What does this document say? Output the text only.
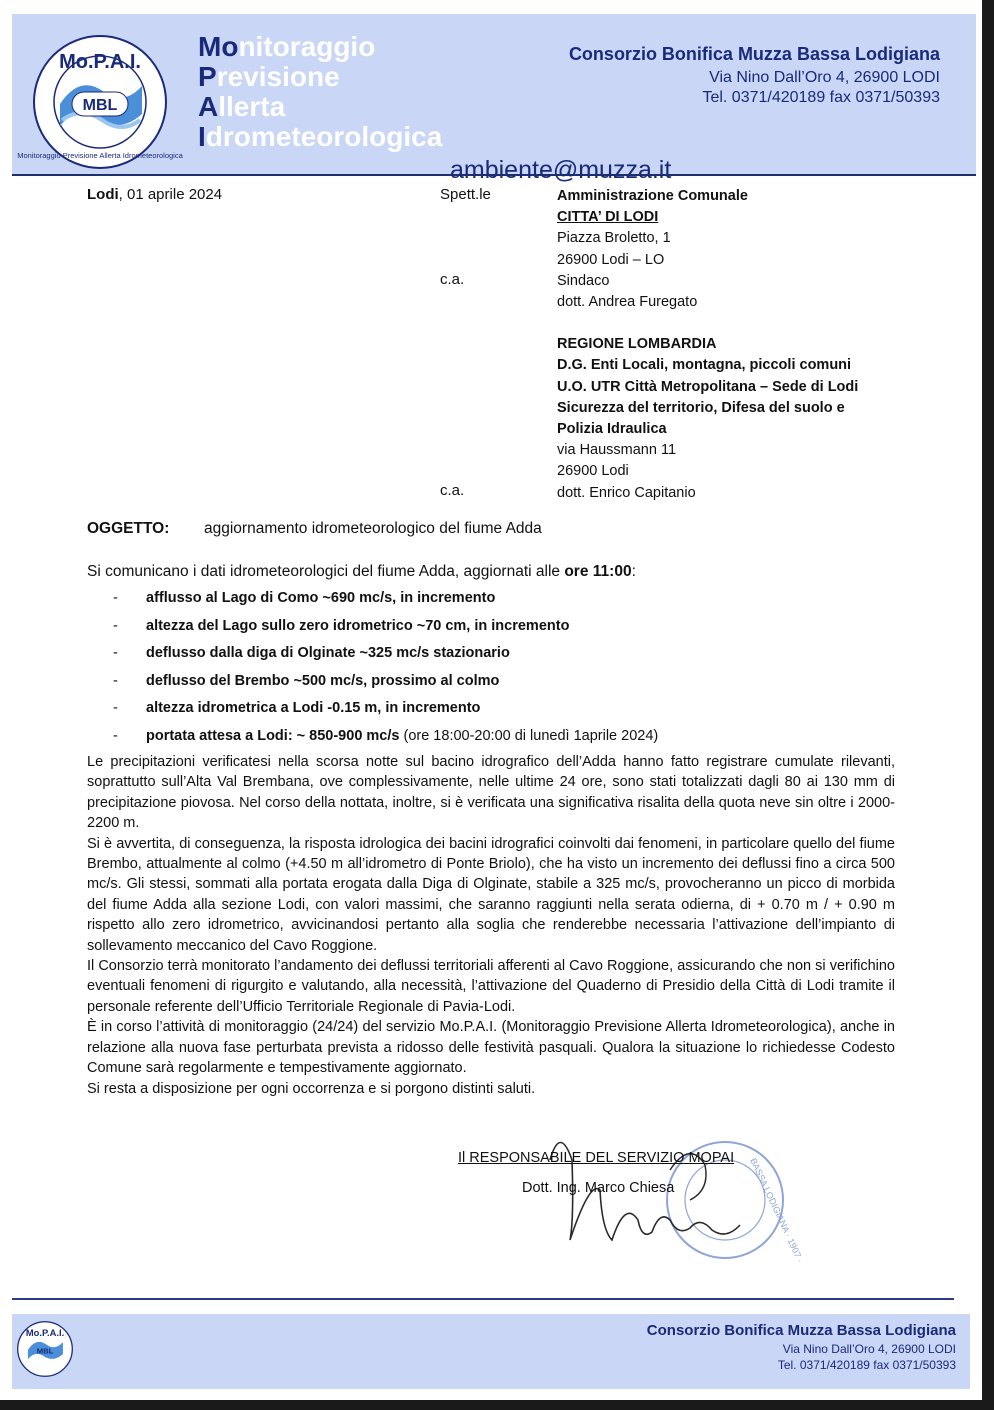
Mo.P.A.I.
MBL
Monitoraggio Previsione Allerta Idrometeorologica
Monitoraggio
Previsione
Allerta
Idrometeorologica
ambiente@muzza.it
Consorzio Bonifica Muzza Bassa Lodigiana
Via Nino Dall’Oro 4, 26900 LODI
Tel. 0371/420189 fax 0371/50393
Lodi, 01 aprile 2024	Spett.le
c.a.
c.a.
Amministrazione Comunale
CITTA’ DI LODI
Piazza Broletto, 1
26900 Lodi – LO
Sindaco
dott. Andrea Furegato
REGIONE LOMBARDIA
D.G. Enti Locali, montagna, piccoli comuni
U.O. UTR Città Metropolitana – Sede di Lodi
Sicurezza del territorio, Difesa del suolo e
Polizia Idraulica
via Haussmann 11
26900 Lodi
dott. Enrico Capitanio
OGGETTO: aggiornamento idrometeorologico del fiume Adda
Si comunicano i dati idrometeorologici del fiume Adda, aggiornati alle ore 11:00:
- afflusso al Lago di Como ~690 mc/s, in incremento
- altezza del Lago sullo zero idrometrico ~70 cm, in incremento
- deflusso dalla diga di Olginate ~325 mc/s stazionario
- deflusso del Brembo ~500 mc/s, prossimo al colmo
- altezza idrometrica a Lodi -0.15 m, in incremento
- portata attesa a Lodi: ~ 850-900 mc/s (ore 18:00-20:00 di lunedì 1aprile 2024)

Le precipitazioni verificatesi nella scorsa notte sul bacino idrografico dell’Adda hanno fatto registrare cumulate rilevanti, soprattutto sull’Alta Val Brembana, ove complessivamente, nelle ultime 24 ore, sono stati totalizzati dagli 80 ai 130 mm di precipitazione piovosa. Nel corso della nottata, inoltre, si è verificata una significativa risalita della quota neve sin oltre i 2000-2200 m.

Si è avvertita, di conseguenza, la risposta idrologica dei bacini idrografici coinvolti dai fenomeni, in particolare quello del fiume Brembo, attualmente al colmo (+4.50 m all’idrometro di Ponte Briolo), che ha visto un incremento dei deflussi fino a circa 500 mc/s. Gli stessi, sommati alla portata erogata dalla Diga di Olginate, stabile a 325 mc/s, provocheranno un picco di morbida del fiume Adda alla sezione Lodi, con valori massimi, che saranno raggiunti nella serata odierna, di + 0.70 m / + 0.90 m rispetto allo zero idrometrico, avvicinandosi pertanto alla soglia che renderebbe necessaria l’attivazione dell’impianto di sollevamento meccanico del Cavo Roggione.

Il Consorzio terrà monitorato l’andamento dei deflussi territoriali afferenti al Cavo Roggione, assicurando che non si verifichino eventuali fenomeni di rigurgito e valutando, alla necessità, l’attivazione del Quaderno di Presidio della Città di Lodi tramite il personale referente dell’Ufficio Territoriale Regionale di Pavia-Lodi.

È in corso l’attività di monitoraggio (24/24) del servizio Mo.P.A.I. (Monitoraggio Previsione Allerta Idrometeorologica), anche in relazione alla nuova fase perturbata prevista a ridosso delle festività pasquali. Qualora la situazione lo richiedesse Codesto Comune sarà regolarmente e tempestivamente aggiornato.

Si resta a disposizione per ogni occorrenza e si porgono distinti saluti.

BASSA LODIGIANA · 1907 ·
Il RESPONSABILE DEL SERVIZIO MOPAI
Dott. Ing. Marco Chiesa
Mo.P.A.I.
MBL
Consorzio Bonifica Muzza Bassa Lodigiana
Via Nino Dall’Oro 4, 26900 LODI
Tel. 0371/420189 fax 0371/50393
